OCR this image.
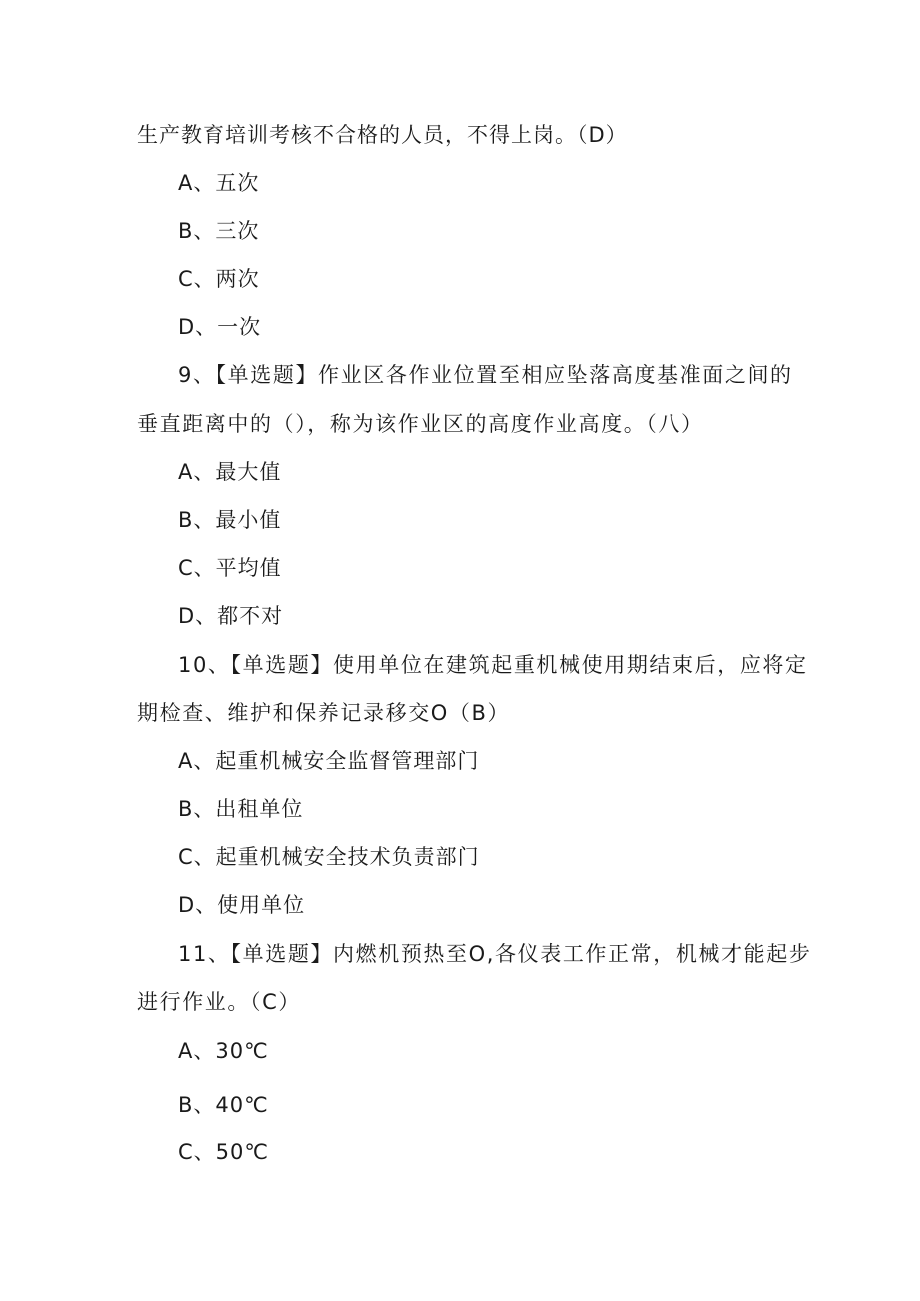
生产教育培训考核不合格的人员，不得上岗。（D）
A、五次
B、三次
C、两次
D、一次
9、【单选题】作业区各作业位置至相应坠落高度基准面之间的
垂直距离中的（），称为该作业区的高度作业高度。（八）
A、最大值
B、最小值
C、平均值
D、都不对
10、【单选题】使用单位在建筑起重机械使用期结束后，应将定
期检查、维护和保养记录移交O（B）
A、起重机械安全监督管理部门
B、出租单位
C、起重机械安全技术负责部门
D、使用单位
11、【单选题】内燃机预热至O,各仪表工作正常，机械才能起步
进行作业。（C）
A、30℃
B、40℃
C、50℃
